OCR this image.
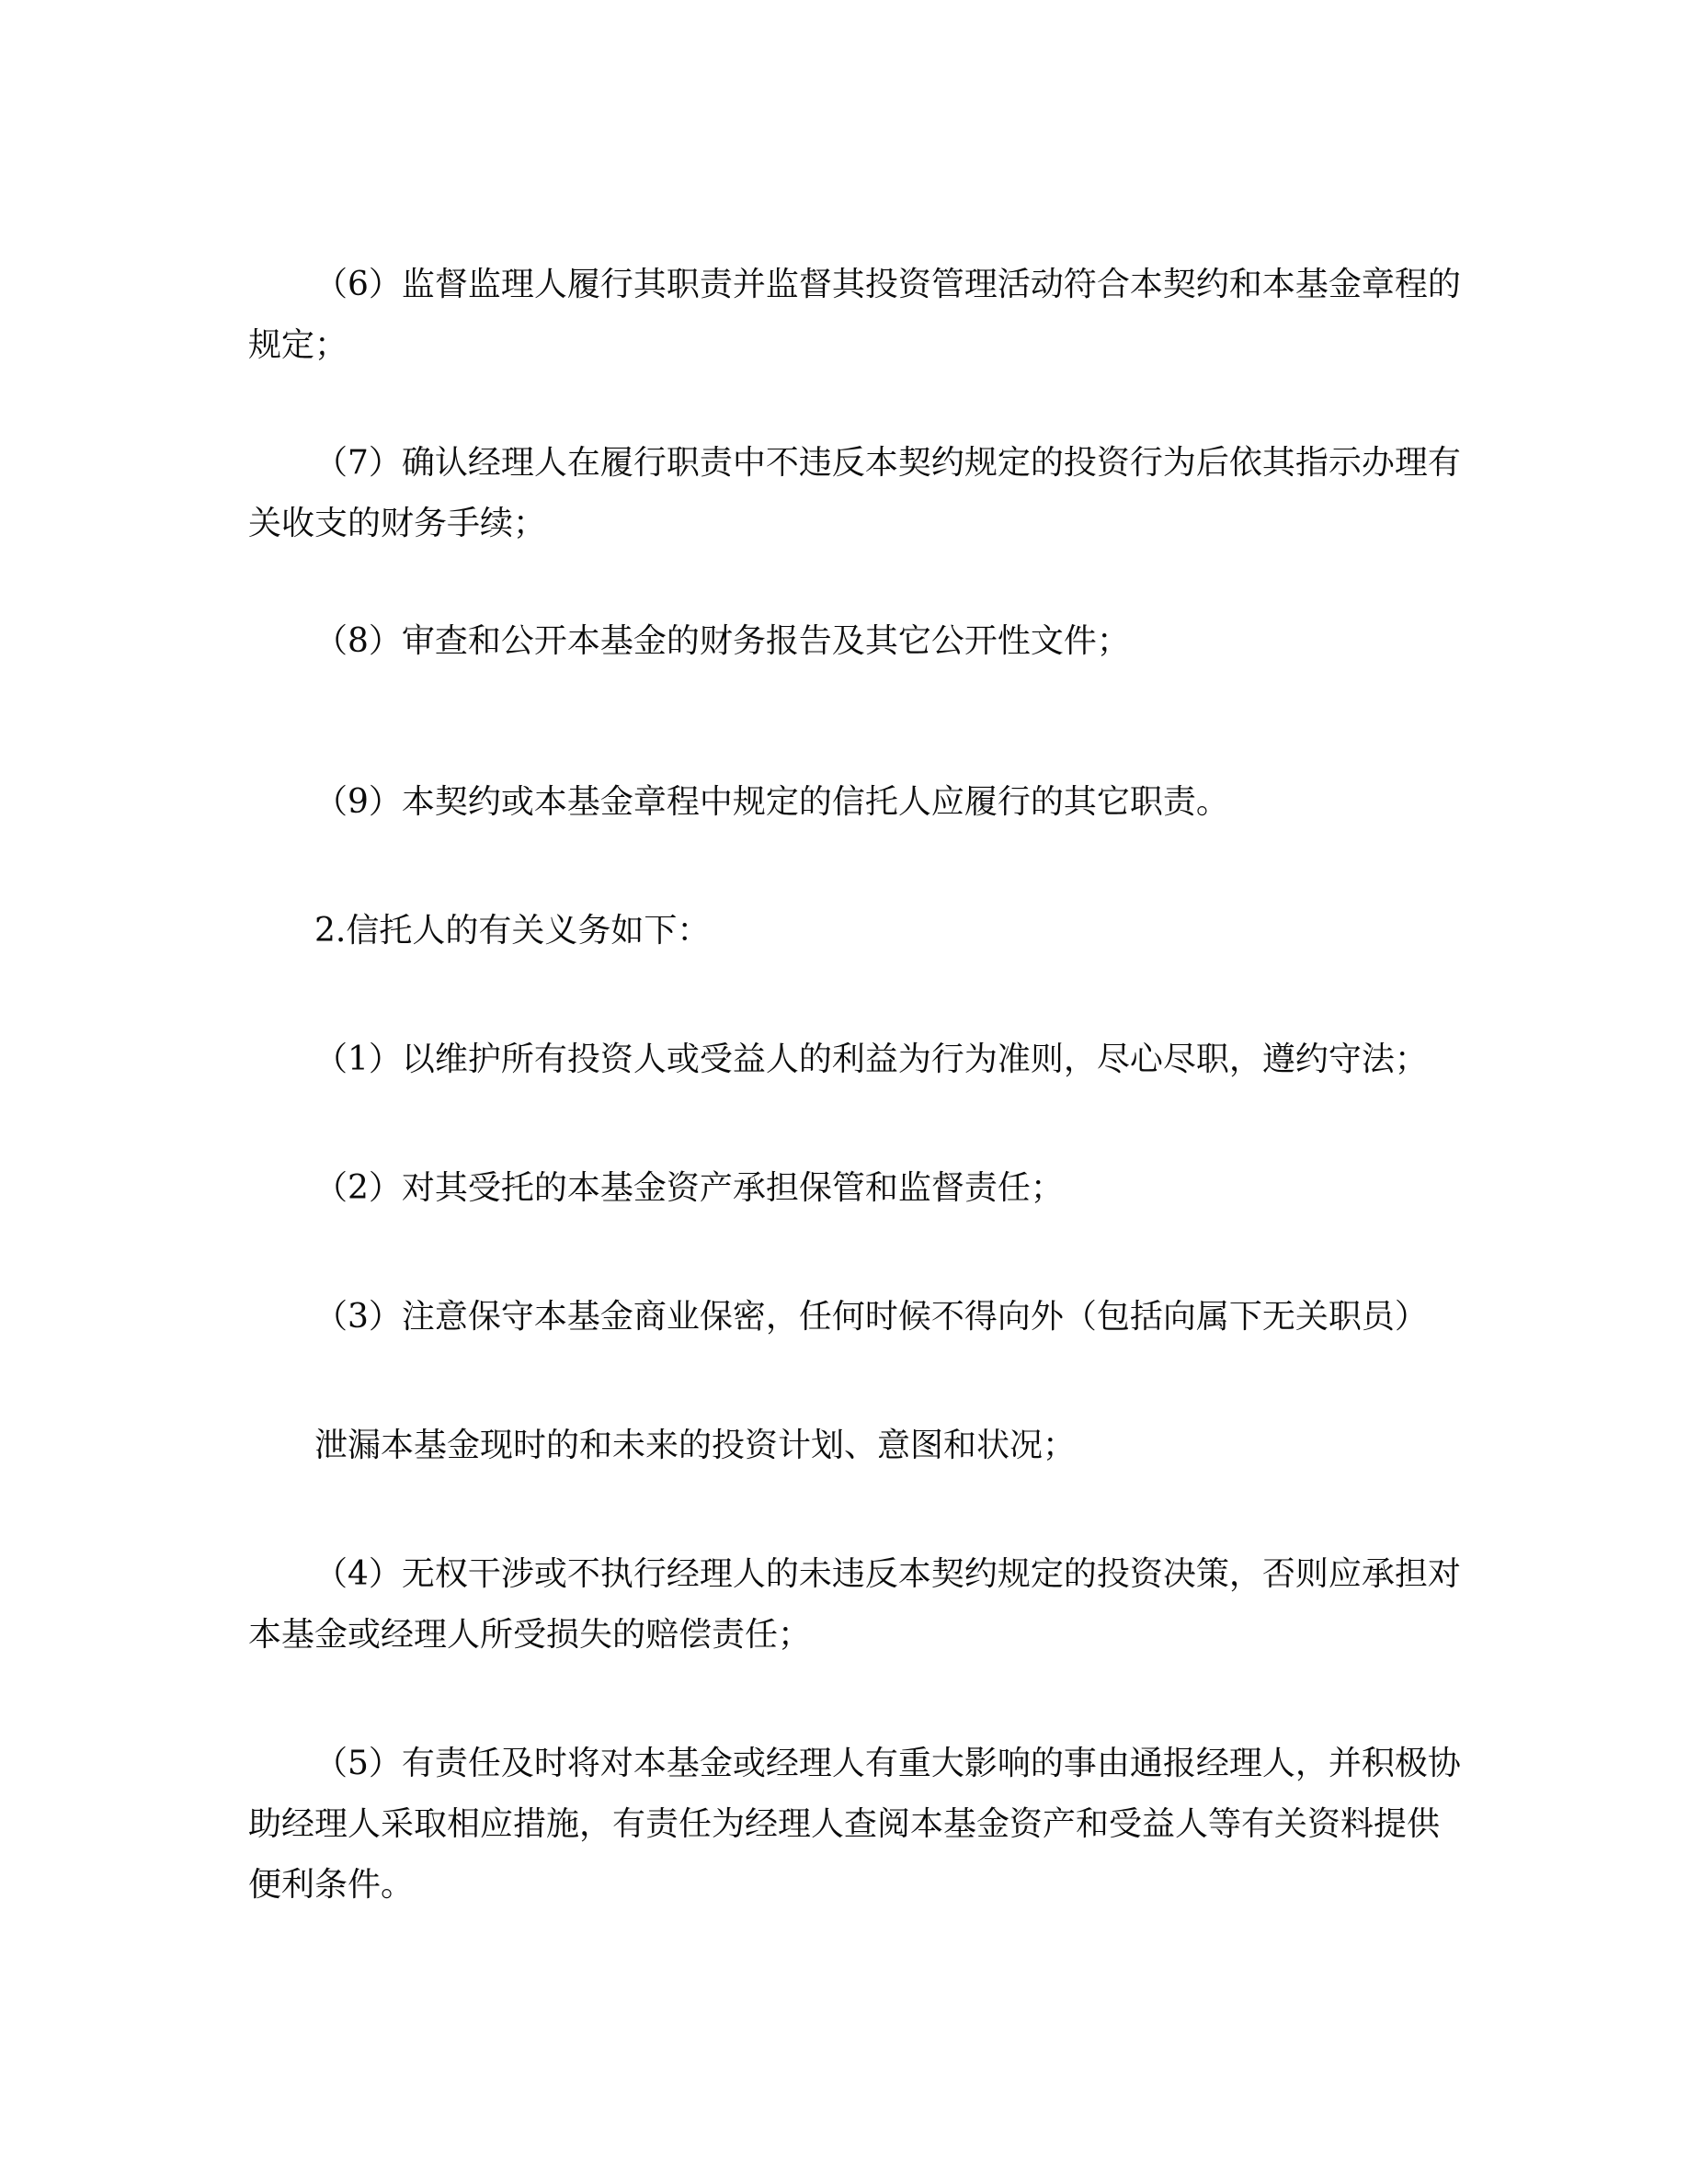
（6）监督监理人履行其职责并监督其投资管理活动符合本契约和本基金章程的
规定；
（7）确认经理人在履行职责中不违反本契约规定的投资行为后依其指示办理有
关收支的财务手续；
（8）审查和公开本基金的财务报告及其它公开性文件；
（9）本契约或本基金章程中规定的信托人应履行的其它职责。
2.信托人的有关义务如下：
（1）以维护所有投资人或受益人的利益为行为准则，尽心尽职，遵约守法；
（2）对其受托的本基金资产承担保管和监督责任；
（3）注意保守本基金商业保密，任何时候不得向外（包括向属下无关职员）
泄漏本基金现时的和未来的投资计划、意图和状况；
（4）无权干涉或不执行经理人的未违反本契约规定的投资决策，否则应承担对
本基金或经理人所受损失的赔偿责任；
（5）有责任及时将对本基金或经理人有重大影响的事由通报经理人，并积极协
助经理人采取相应措施，有责任为经理人查阅本基金资产和受益人等有关资料提供
便利条件。
